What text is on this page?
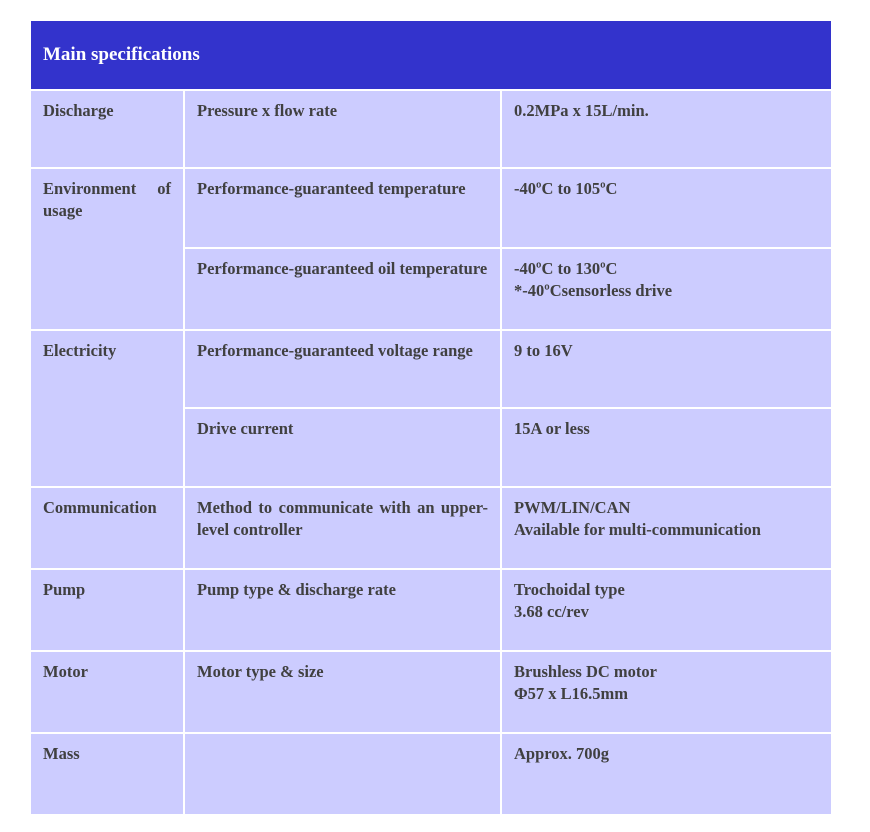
Main specifications		
Discharge	Pressure x flow rate	0.2MPa x 15L/min.

Environment of usage	Performance-guaranteed temperature	-40ºC to 105ºC

	Performance-guaranteed oil temperature	-40ºC to 130ºC
*-40ºCsensorless drive

Electricity	Performance-guaranteed voltage range	9 to 16V

	Drive current	15A or less

Communication	Method to communicate with an upper-level controller	PWM/LIN/CAN
Available for multi-communication

Pump	Pump type & discharge rate	Trochoidal type
3.68 cc/rev

Motor	Motor type & size	Brushless DC motor
Φ57 x L16.5mm

Mass		Approx. 700g
